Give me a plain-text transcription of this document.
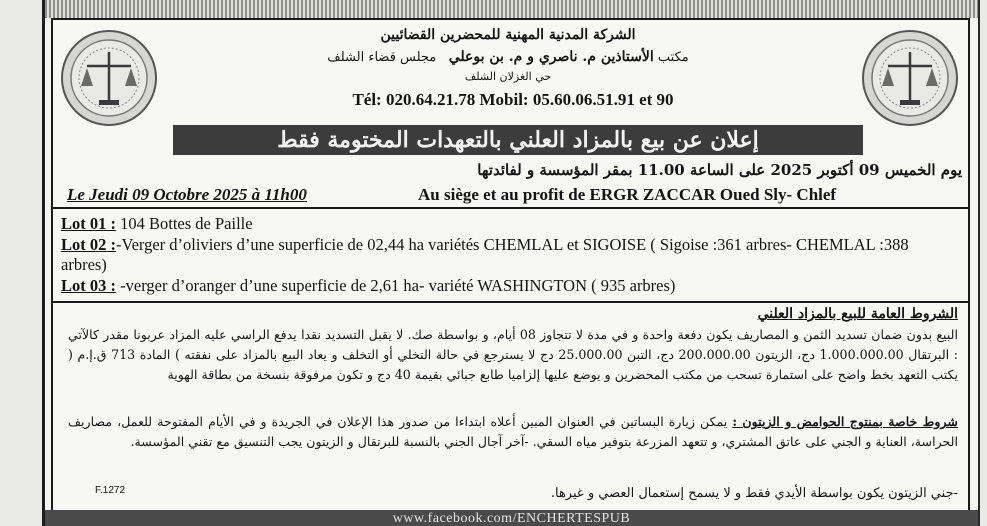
الشركة المدنية المهنية للمحضرين القضائيين
مكتب الأستاذين م. ناصري و م. بن بوعلي   مجلس قضاء الشلف
حي الغزلان الشلف
Tél: 020.64.21.78 Mobil: 05.60.06.51.91 et 90
إعلان عن بيع بالمزاد العلني بالتعهدات المختومة فقط
يوم الخميس 09 أكتوبر 2025 على الساعة 11.00 بمقر المؤسسة و لفائدتها
Le Jeudi 09 Octobre 2025 à 11h00	Au siège et au profit de ERGR ZACCAR Oued Sly- Chlef

Lot 01 : 104 Bottes de Paille

Lot 02 :-Verger d’oliviers d’une superficie de 02,44 ha variétés CHEMLAL et SIGOISE ( Sigoise :361 arbres- CHEMLAL :388 arbres)

Lot 03 : -verger d’oranger d’une superficie de 2,61 ha- variété WASHINGTON ( 935 arbres)

الشروط العامة للبيع بالمزاد العلني
البيع بدون ضمان تسديد الثمن و المصاريف يكون دفعة واحدة و في مدة لا تتجاوز 08 أيام، و بواسطة صك. لا يقبل التسديد نقدا يدفع الراسي عليه المزاد عربونا مقدر كالآتي : البرتقال 1.000.000.00 دج، الزيتون 200.000.00 دج، التبن 25.000.00 دج لا يسترجع في حالة التخلي أو التخلف و يعاد البيع بالمزاد على نفقته ) المادة 713 ق.إ.م ( يكتب التعهد بخط واضح على استمارة تسحب من مكتب المحضرين و يوضع عليها إلزاميا طابع جبائي بقيمة 40 دج و تكون مرفوقة بنسخة من بطاقة الهوية
شروط خاصة بمنتوج الحوامض و الزيتون : يمكن زيارة البساتين في العنوان المبين أعلاه ابتداءا من صدور هذا الإعلان في الجريدة و في الأيام المفتوحة للعمل، مصاريف الحراسة، العناية و الجني على عاتق المشتري، و تتعهد المزرعة بتوفير مياه السقي. -آخر آجال الجني بالنسبة للبرتقال و الزيتون يجب التنسيق مع تقني المؤسسة.
F.1272	-جني الزيتون يكون بواسطة الأيدي فقط و لا يسمح إستعمال العصي و غيرها.
www.facebook.com/ENCHERTESPUB
